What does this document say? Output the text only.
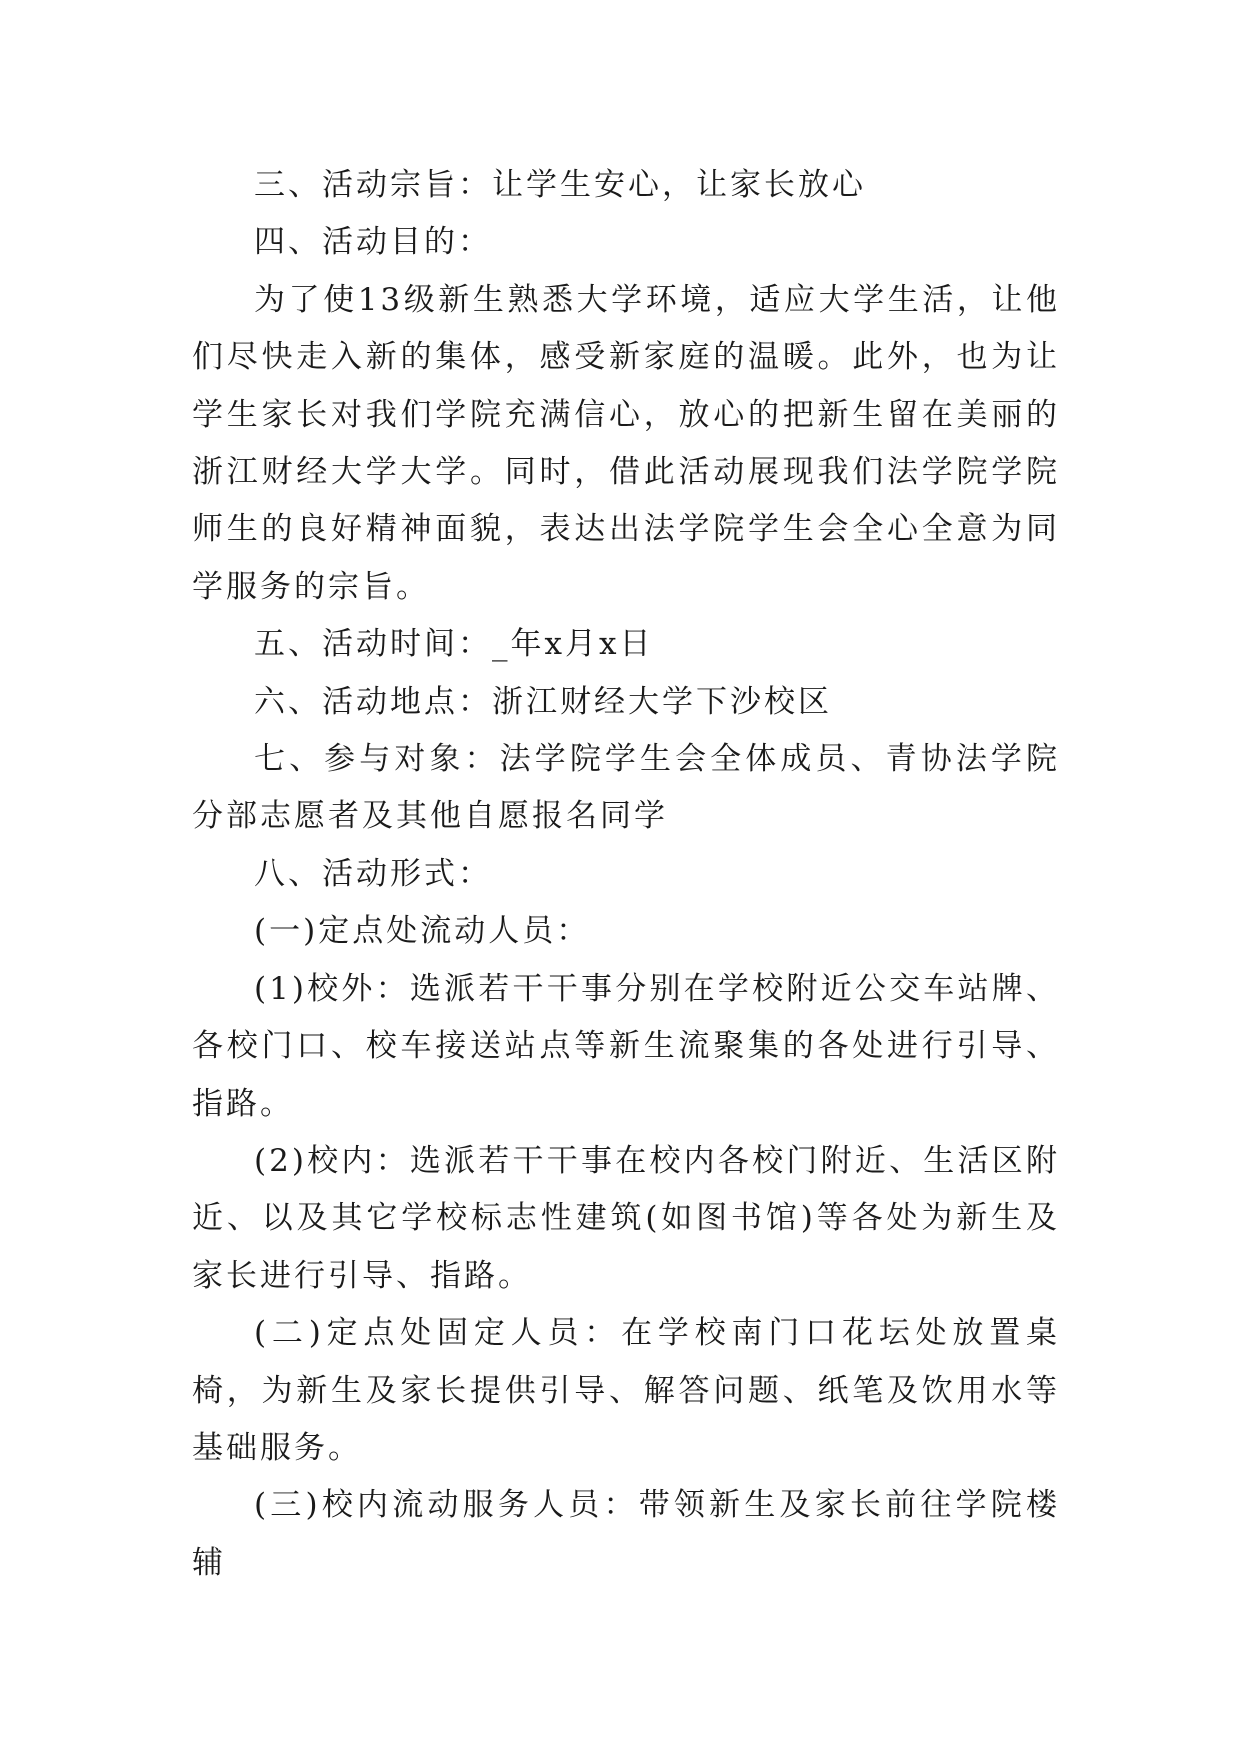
三、活动宗旨：让学生安心，让家长放心

四、活动目的：

为了使13级新生熟悉大学环境，适应大学生活，让他们尽快走入新的集体，感受新家庭的温暖。此外，也为让学生家长对我们学院充满信心，放心的把新生留在美丽的浙江财经大学大学。同时，借此活动展现我们法学院学院师生的良好精神面貌，表达出法学院学生会全心全意为同学服务的宗旨。

五、活动时间：_年x月x日

六、活动地点：浙江财经大学下沙校区

七、参与对象：法学院学生会全体成员、青协法学院分部志愿者及其他自愿报名同学

八、活动形式：

(一)定点处流动人员：

(1)校外：选派若干干事分别在学校附近公交车站牌、各校门口、校车接送站点等新生流聚集的各处进行引导、指路。

(2)校内：选派若干干事在校内各校门附近、生活区附近、以及其它学校标志性建筑(如图书馆)等各处为新生及家长进行引导、指路。

(二)定点处固定人员：在学校南门口花坛处放置桌椅，为新生及家长提供引导、解答问题、纸笔及饮用水等基础服务。

(三)校内流动服务人员：带领新生及家长前往学院楼辅
